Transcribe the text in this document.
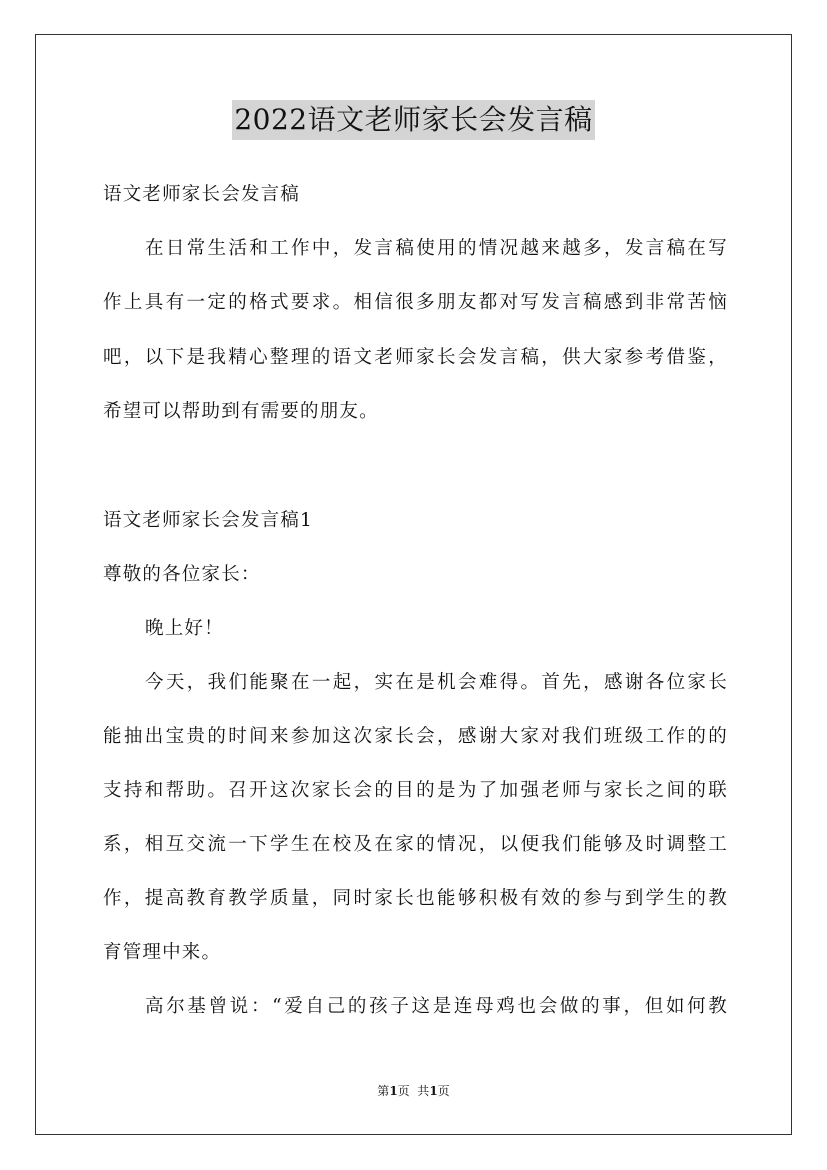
2022语文老师家长会发言稿
语文老师家长会发言稿
在日常生活和工作中，发言稿使用的情况越来越多，发言稿在写
作上具有一定的格式要求。相信很多朋友都对写发言稿感到非常苦恼
吧，以下是我精心整理的语文老师家长会发言稿，供大家参考借鉴，
希望可以帮助到有需要的朋友。
语文老师家长会发言稿1
尊敬的各位家长：
晚上好！
今天，我们能聚在一起，实在是机会难得。首先，感谢各位家长
能抽出宝贵的时间来参加这次家长会，感谢大家对我们班级工作的的
支持和帮助。召开这次家长会的目的是为了加强老师与家长之间的联
系，相互交流一下学生在校及在家的情况，以便我们能够及时调整工
作，提高教育教学质量，同时家长也能够积极有效的参与到学生的教
育管理中来。
高尔基曾说：“爱自己的孩子这是连母鸡也会做的事，但如何教
第1页  共1页
